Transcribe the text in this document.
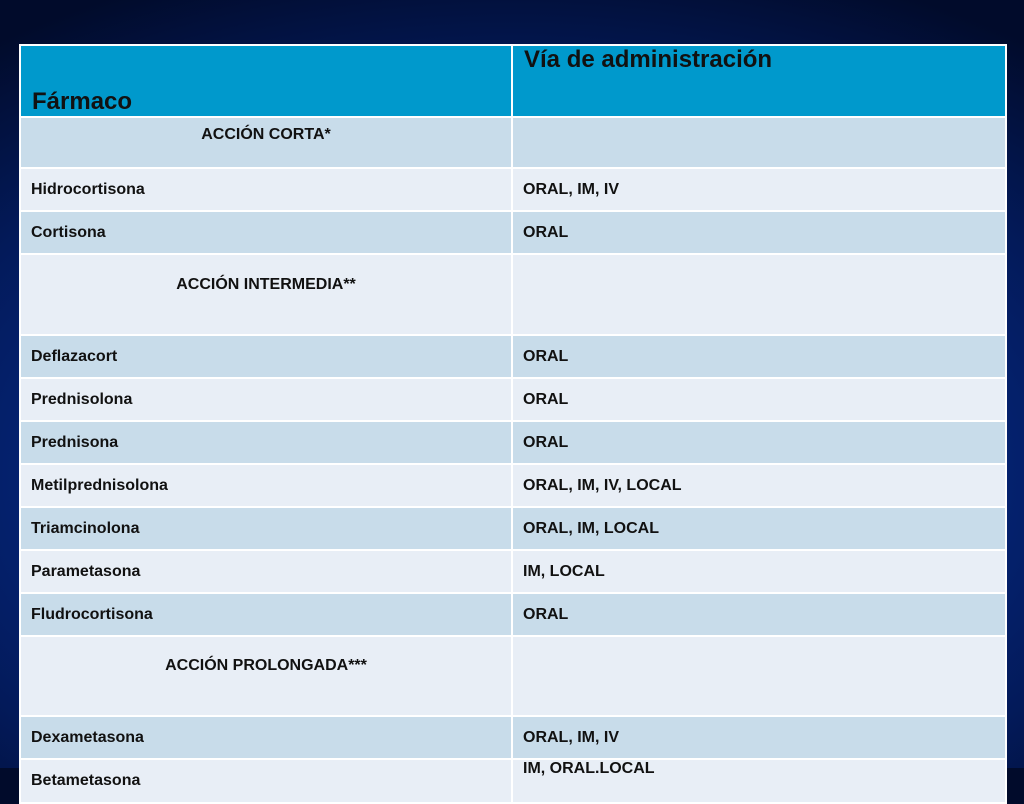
Fármaco	Vía de administración
ACCIÓN CORTA*	
Hidrocortisona	ORAL, IM, IV
Cortisona	ORAL
ACCIÓN INTERMEDIA**	
Deflazacort	ORAL
Prednisolona	ORAL
Prednisona	ORAL
Metilprednisolona	ORAL, IM, IV, LOCAL
Triamcinolona	ORAL, IM, LOCAL
Parametasona	IM, LOCAL
Fludrocortisona	ORAL
ACCIÓN PROLONGADA***	
Dexametasona	ORAL, IM, IV
Betametasona	IM, ORAL.LOCAL
